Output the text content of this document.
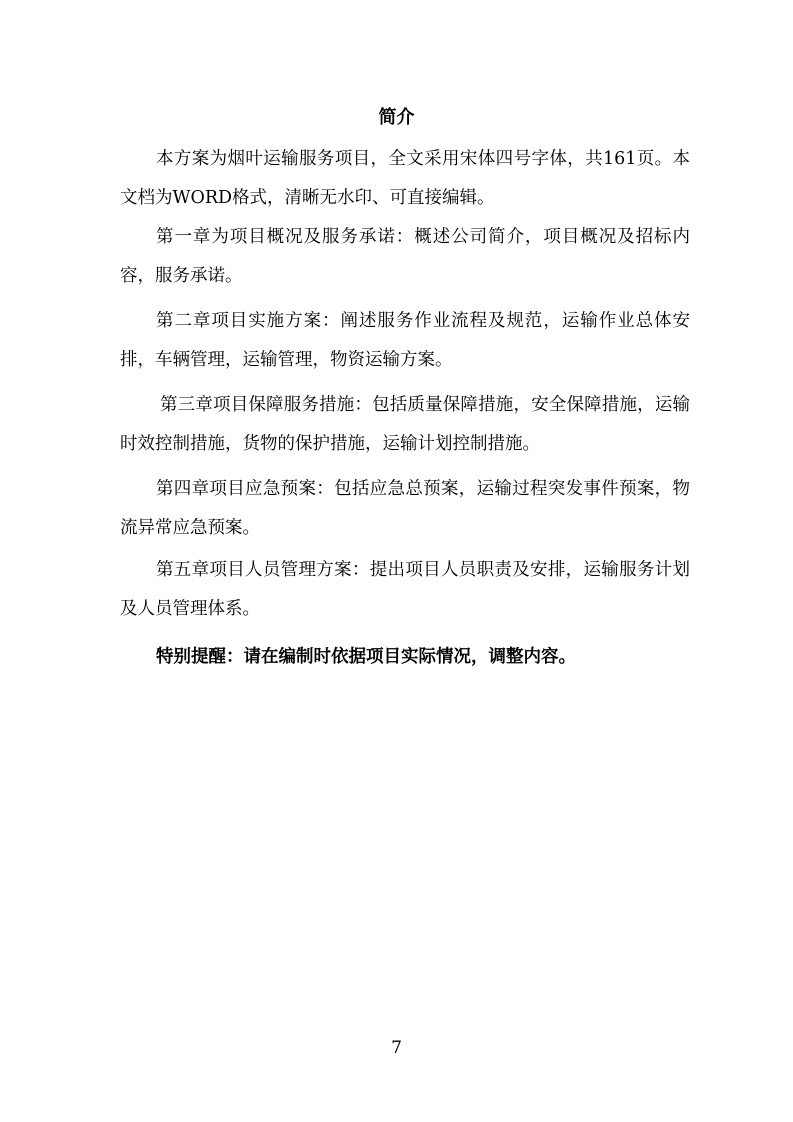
简介

本方案为烟叶运输服务项目，全文采用宋体四号字体，共161页。本文档为WORD格式，清晰无水印、可直接编辑。

第一章为项目概况及服务承诺：概述公司简介，项目概况及招标内容，服务承诺。

第二章项目实施方案：阐述服务作业流程及规范，运输作业总体安排，车辆管理，运输管理，物资运输方案。

第三章项目保障服务措施：包括质量保障措施，安全保障措施，运输时效控制措施，货物的保护措施，运输计划控制措施。

第四章项目应急预案：包括应急总预案，运输过程突发事件预案，物流异常应急预案。

第五章项目人员管理方案：提出项目人员职责及安排，运输服务计划及人员管理体系。

特别提醒：请在编制时依据项目实际情况，调整内容。

7
